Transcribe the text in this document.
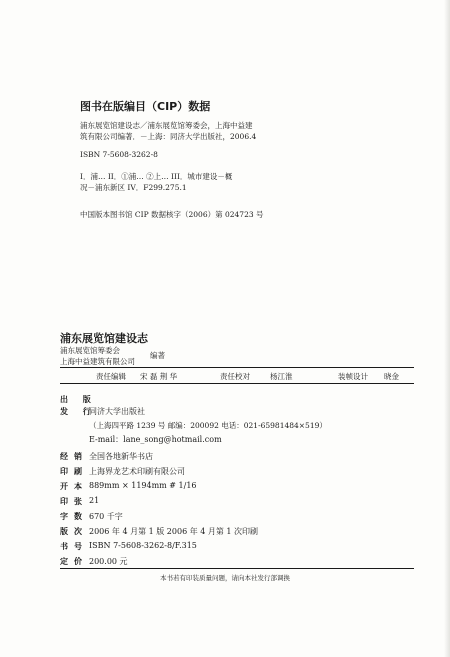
图书在版编目（CIP）数据
浦东展览馆建设志／浦东展览馆筹委会，上海中益建
筑有限公司编著．－上海：同济大学出版社，2006.4
ISBN 7-5608-3262-8
I．浦… II．①浦… ②上… III．城市建设－概
况－浦东新区 IV．F299.275.1
中国版本图书馆 CIP 数据核字（2006）第 024723 号
浦东展览馆建设志
浦东展览馆筹委会
上海中益建筑有限公司
编著
责任编辑 宋 磊 荆 华	责任校对	杨江淮	装帧设计 晓金
出 版
发 行
同济大学出版社
（上海四平路 1239 号 邮编：200092 电话：021-65981484×519）
E-mail：lane_song@hotmail.com
经销 全国各地新华书店
印刷 上海界龙艺术印刷有限公司
开本 889mm × 1194mm # 1/16
印张 21
字数 670 千字
版次 2006 年 4 月第 1 版 2006 年 4 月第 1 次印刷
书号 ISBN 7-5608-3262-8/F.315
定价 200.00 元
本书若有印装质量问题，请向本社发行部调换
